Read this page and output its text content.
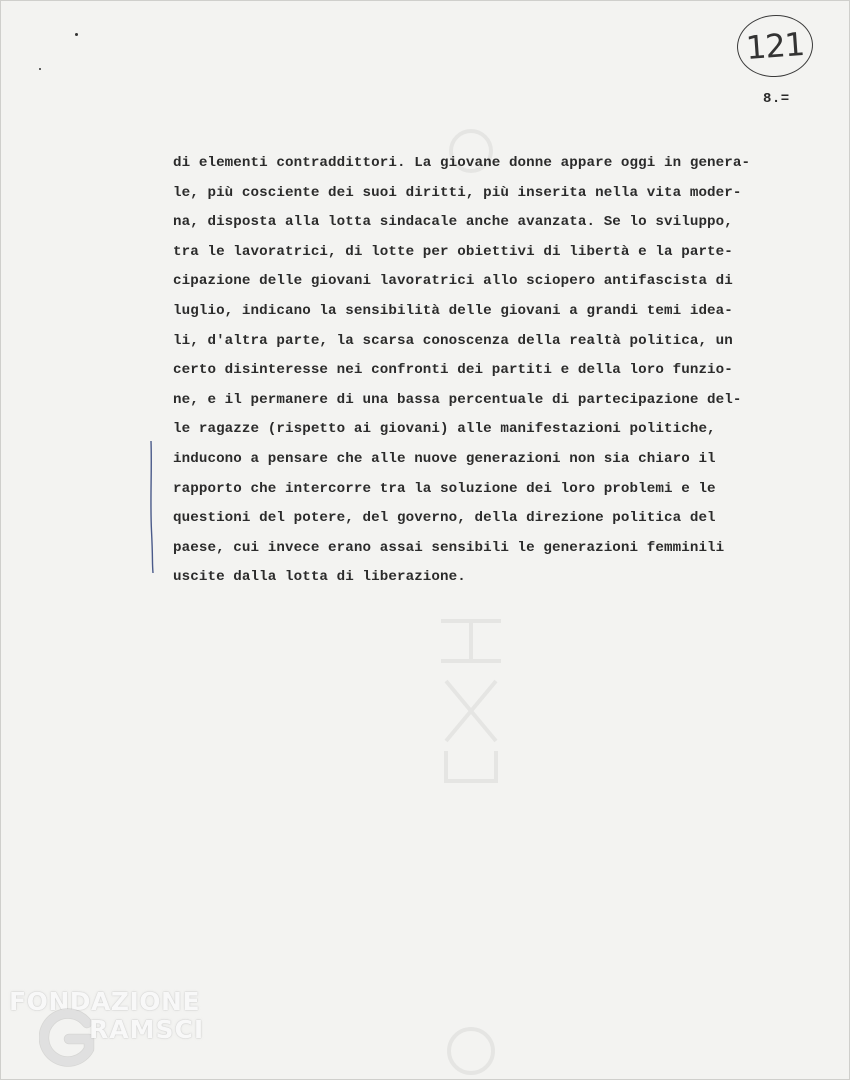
121
8.=
di elementi contraddittori. La giovane donne appare oggi in genera-
le, più cosciente dei suoi diritti, più inserita nella vita moder-
na, disposta alla lotta sindacale anche avanzata. Se lo sviluppo,
tra le lavoratrici, di lotte per obiettivi di libertà e la parte-
cipazione delle giovani lavoratrici allo sciopero antifascista di
luglio, indicano la sensibilità delle giovani a grandi temi idea-
li, d'altra parte, la scarsa conoscenza della realtà politica, un
certo disinteresse nei confronti dei partiti e della loro funzio-
ne, e il permanere di una bassa percentuale di partecipazione del-
le ragazze (rispetto ai giovani) alle manifestazioni politiche,
inducono a pensare che alle nuove generazioni non sia chiaro il
rapporto che intercorre tra la soluzione dei loro problemi e le
questioni del potere, del governo, della direzione politica del
paese, cui invece erano assai sensibili le generazioni femminili
uscite dalla lotta di liberazione.
FONDAZIONE
RAMSCI
